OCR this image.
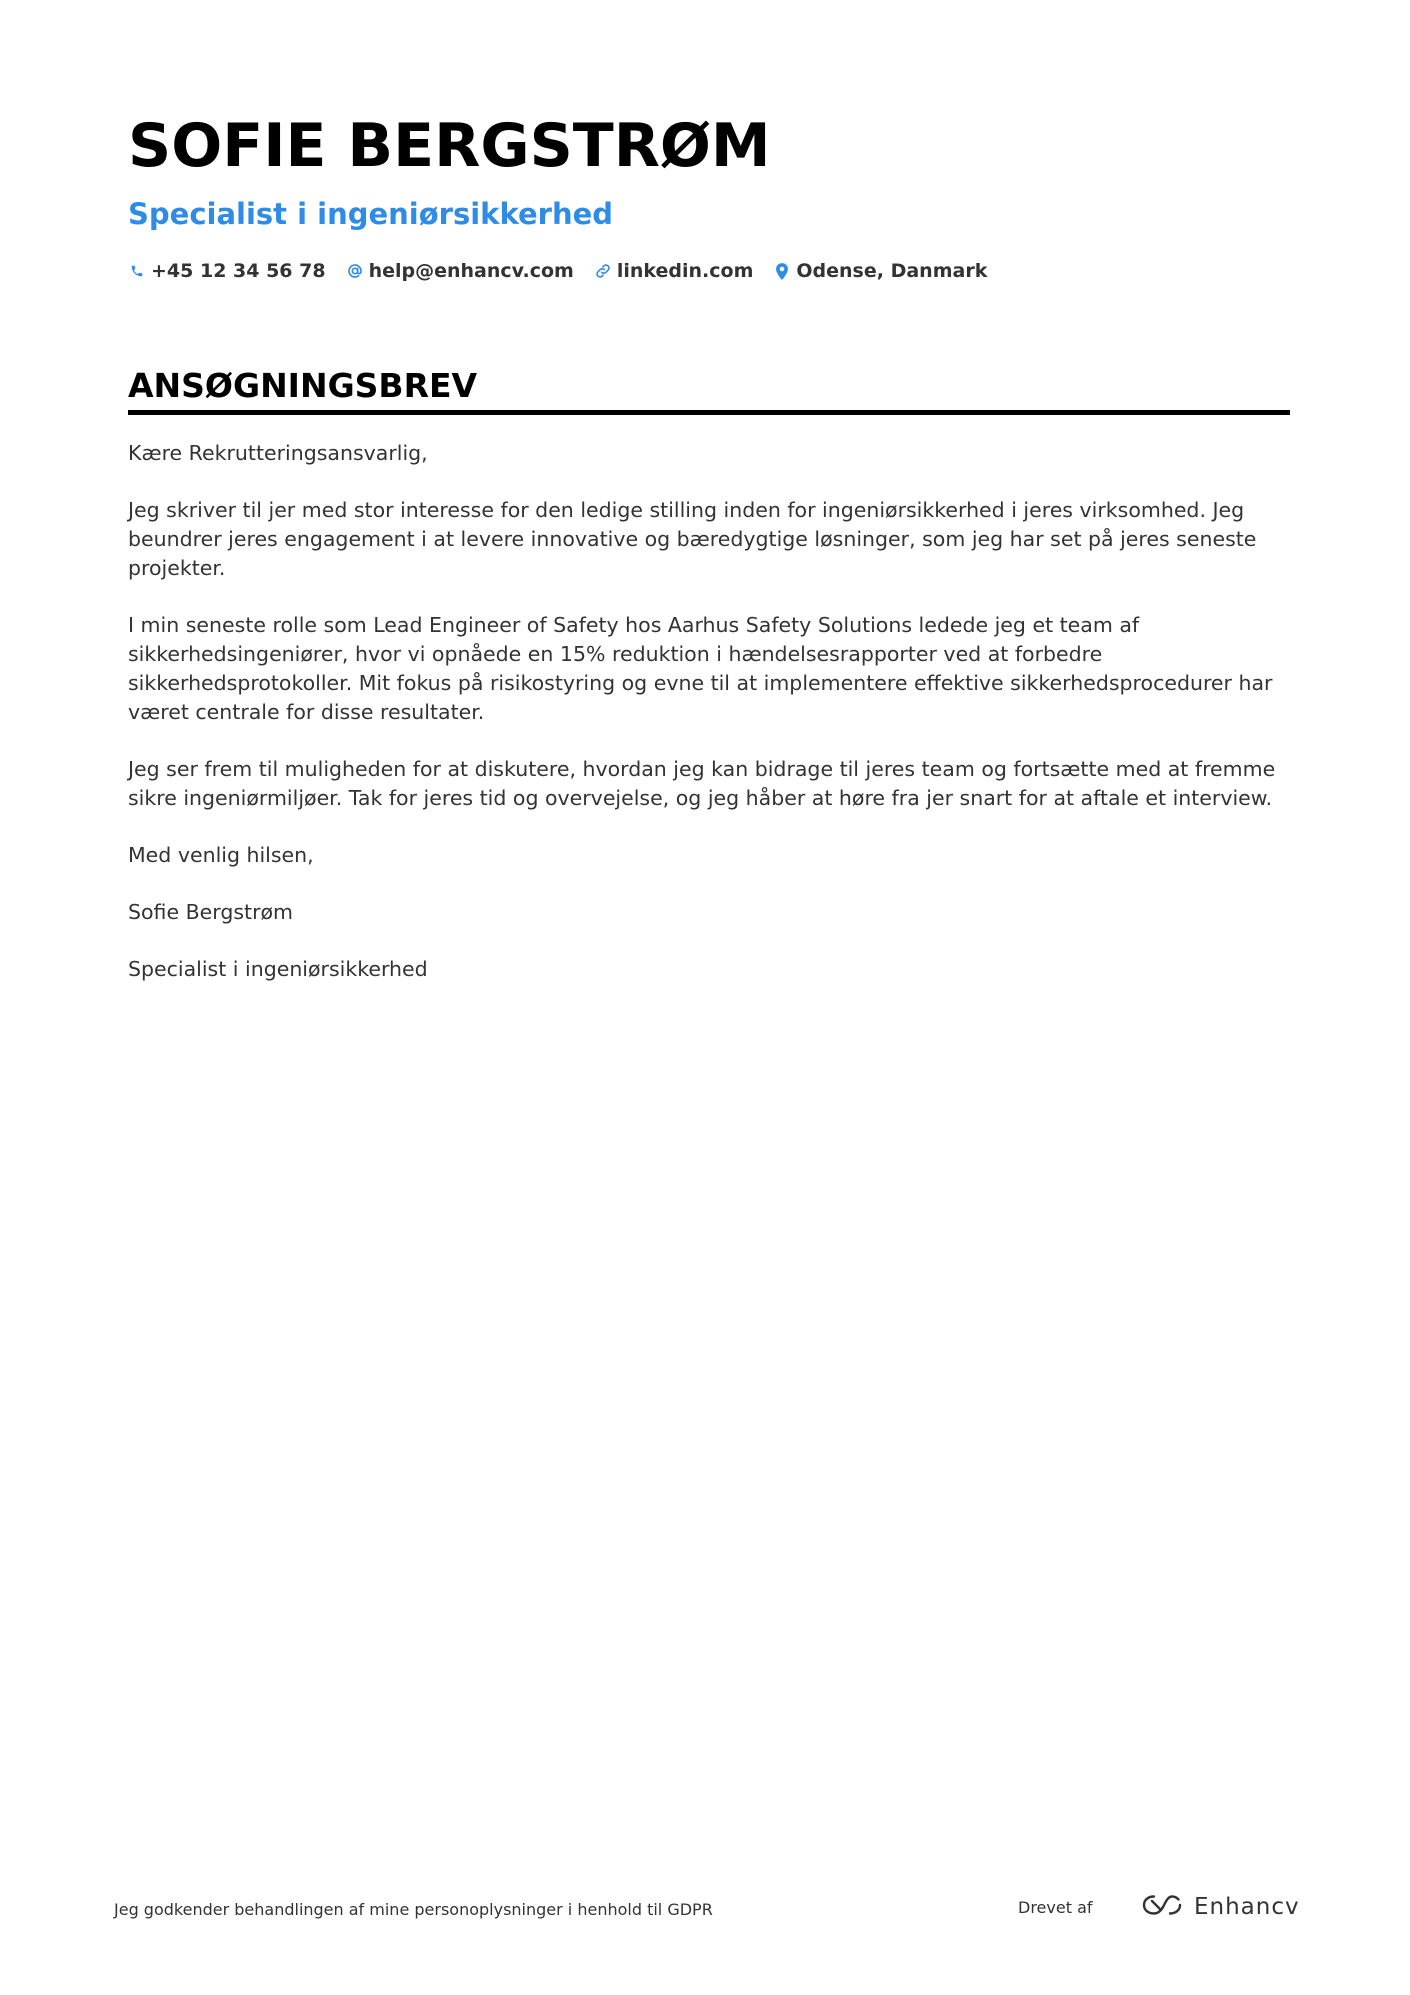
SOFIE BERGSTRØM
Specialist i ingeniørsikkerhed
+45 12 34 56 78 help@enhancv.com linkedin.com Odense, Danmark
ANSØGNINGSBREV

Kære Rekrutteringsansvarlig,

Jeg skriver til jer med stor interesse for den ledige stilling inden for ingeniørsikkerhed i jeres virksomhed. Jeg beundrer jeres engagement i at levere innovative og bæredygtige løsninger, som jeg har set på jeres seneste projekter.

I min seneste rolle som Lead Engineer of Safety hos Aarhus Safety Solutions ledede jeg et team af sikkerhedsingeniører, hvor vi opnåede en 15% reduktion i hændelsesrapporter ved at forbedre sikkerhedsprotokoller. Mit fokus på risikostyring og evne til at implementere effektive sikkerhedsprocedurer har været centrale for disse resultater.

Jeg ser frem til muligheden for at diskutere, hvordan jeg kan bidrage til jeres team og fortsætte med at fremme sikre ingeniørmiljøer. Tak for jeres tid og overvejelse, og jeg håber at høre fra jer snart for at aftale et interview.

Med venlig hilsen,

Sofie Bergstrøm

Specialist i ingeniørsikkerhed

Jeg godkender behandlingen af mine personoplysninger i henhold til GDPR	Drevet af	Enhancv
